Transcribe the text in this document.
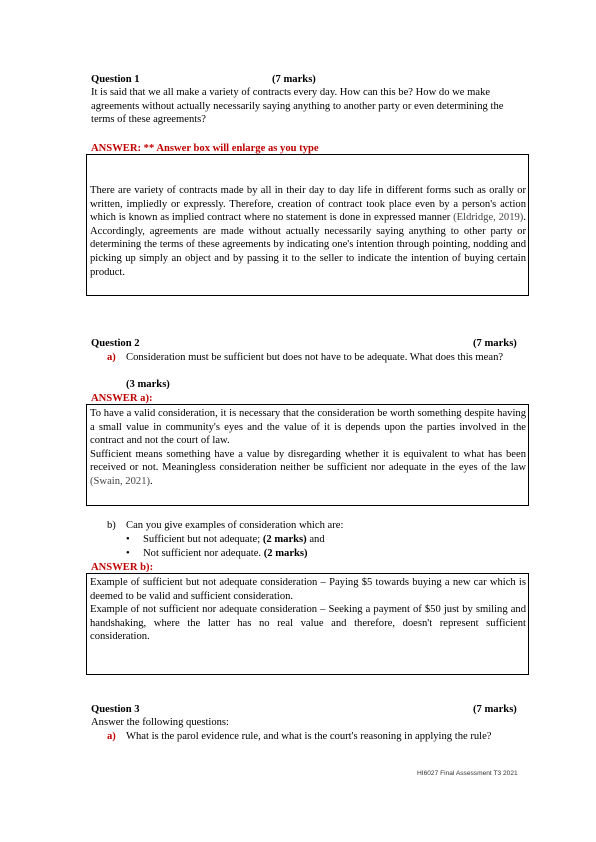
Question 1	(7 marks)
It is said that we all make a variety of contracts every day. How can this be? How do we make agreements without actually necessarily saying anything to another party or even determining the terms of these agreements?
ANSWER: ** Answer box will enlarge as you type
There are variety of contracts made by all in their day to day life in different forms such as orally or written, impliedly or expressly. Therefore, creation of contract took place even by a person's action which is known as implied contract where no statement is done in expressed manner (Eldridge, 2019). Accordingly, agreements are made without actually necessarily saying anything to other party or determining the terms of these agreements by indicating one's intention through pointing, nodding and picking up simply an object and by passing it to the seller to indicate the intention of buying certain product.
Question 2	(7 marks)
a) Consideration must be sufficient but does not have to be adequate. What does this mean?
(3 marks)
ANSWER a):
To have a valid consideration, it is necessary that the consideration be worth something despite having a small value in community's eyes and the value of it is depends upon the parties involved in the contract and not the court of law.
Sufficient means something have a value by disregarding whether it is equivalent to what has been received or not. Meaningless consideration neither be sufficient nor adequate in the eyes of the law (Swain, 2021).
b) Can you give examples of consideration which are:
• Sufficient but not adequate; (2 marks) and
• Not sufficient nor adequate. (2 marks)
ANSWER b):
Example of sufficient but not adequate consideration – Paying $5 towards buying a new car which is deemed to be valid and sufficient consideration.
Example of not sufficient nor adequate consideration – Seeking a payment of $50 just by smiling and handshaking, where the latter has no real value and therefore, doesn't represent sufficient consideration.
Question 3	(7 marks)
Answer the following questions:
a) What is the parol evidence rule, and what is the court's reasoning in applying the rule?
HI6027 Final Assessment T3 2021
